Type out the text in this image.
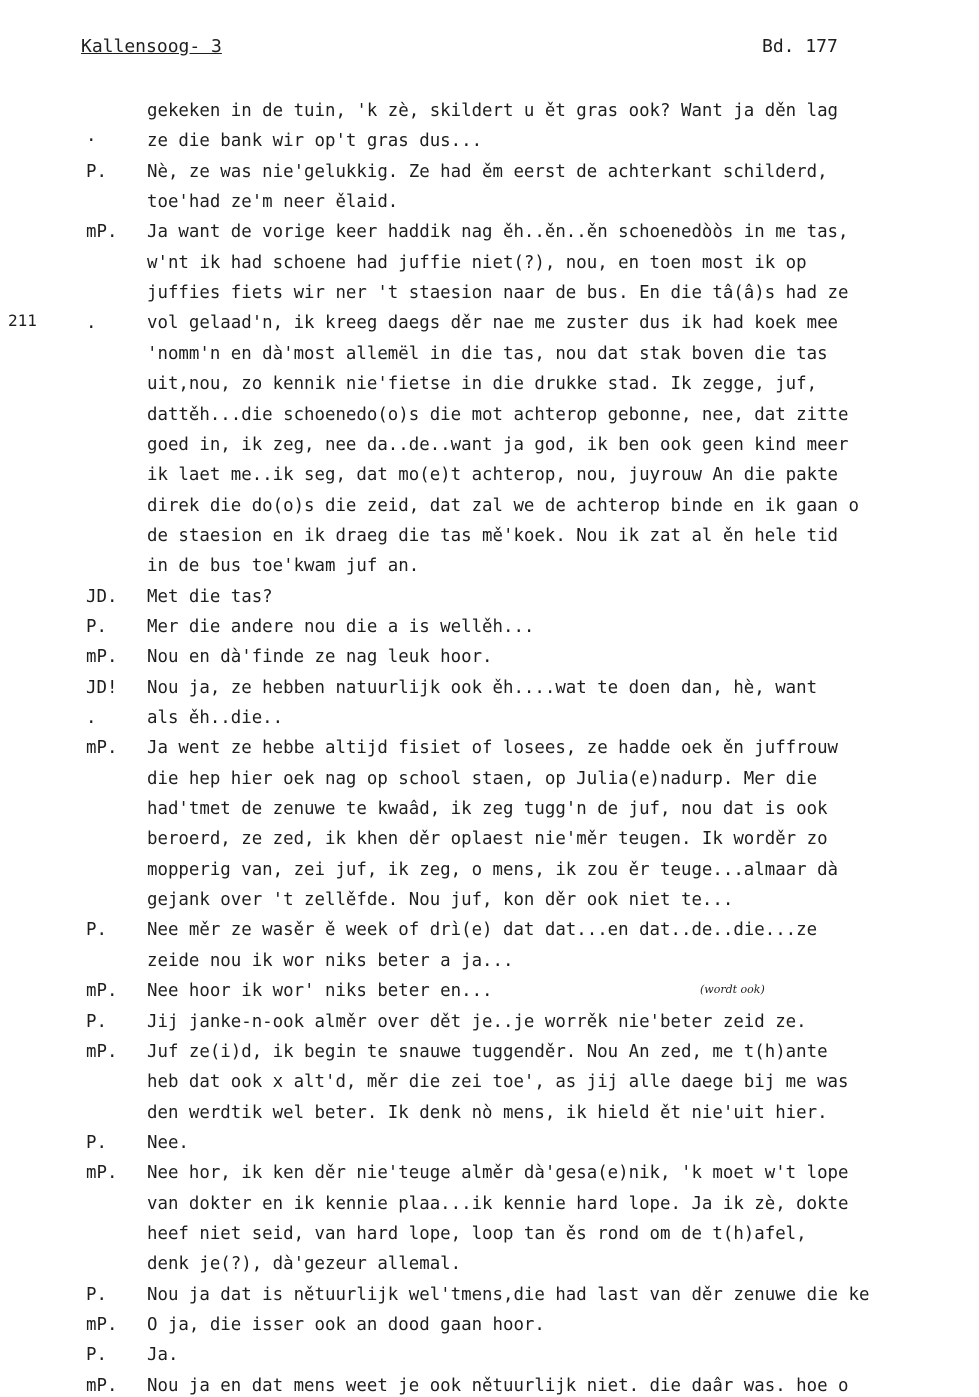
Kallensoog- 3	Bd. 177
211
gekeken in de tuin, 'k zè, skildert u ět gras ook? Want ja děn lag
·	ze die bank wir op't gras dus...
P. Nè, ze was nie'gelukkig. Ze had ěm eerst de achterkant schilderd,
toe'had ze'm neer ělaid.
mP. Ja want de vorige keer haddik nag ěh..ěn..ěn schoenedòòs in me tas,
w'nt ik had schoene had juffie niet(?), nou, en toen most ik op
juffies fiets wir ner 't staesion naar de bus. En die tâ(â)s had ze
.	vol gelaad'n, ik kreeg daegs děr nae me zuster dus ik had koek mee
'nomm'n en dà'most allemël in die tas, nou dat stak boven die tas
uit,nou, zo kennik nie'fietse in die drukke stad. Ik zegge, juf,
dattěh...die schoenedo(o)s die mot achterop gebonne, nee, dat zitte
goed in, ik zeg, nee da..de..want ja god, ik ben ook geen kind meer
ik laet me..ik seg, dat mo(e)t achterop, nou, juyrouw An die pakte
direk die do(o)s die zeid, dat zal we de achterop binde en ik gaan o
de staesion en ik draeg die tas mě'koek. Nou ik zat al ěn hele tid
in de bus toe'kwam juf an.
JD. Met die tas?
P. Mer die andere nou die a is wellěh...
mP. Nou en dà'finde ze nag leuk hoor.
JD! Nou ja, ze hebben natuurlijk ook ěh....wat te doen dan, hè, want
.	als ěh..die..
mP. Ja went ze hebbe altijd fisiet of losees, ze hadde oek ěn juffrouw
die hep hier oek nag op school staen, op Julia(e)nadurp. Mer die
had'tmet de zenuwe te kwaâd, ik zeg tugg'n de juf, nou dat is ook
beroerd, ze zed, ik khen děr oplaest nie'měr teugen. Ik worděr zo
mopperig van, zei juf, ik zeg, o mens, ik zou ěr teuge...almaar dà
gejank over 't zellěfde. Nou juf, kon děr ook niet te...
P. Nee měr ze wasěr ě week of drì(e) dat dat...en dat..de..die...ze
zeide nou ik wor niks beter a ja...
mP. Nee hoor ik wor' niks beter en...
P. Jij janke-n-ook alměr over dět je..je worrěk nie'beter zeid ze.
mP. Juf ze(i)d, ik begin te snauwe tuggenděr. Nou An zed, me t(h)ante
heb dat ook x alt'd, měr die zei toe', as jij alle daege bij me was
den werdtik wel beter. Ik denk nò mens, ik hield ět nie'uit hier.
P. Nee.
mP. Nee hor, ik ken děr nie'teuge alměr dà'gesa(e)nik, 'k moet w't lope
van dokter en ik kennie plaa...ik kennie hard lope. Ja ik zè, dokte
heef niet seid, van hard lope, loop tan ěs rond om de t(h)afel,
denk je(?), dà'gezeur allemal.
P. Nou ja dat is nětuurlijk wel'tmens,die had last van děr zenuwe die ke
mP. O ja, die isser ook an dood gaan hoor.
P. Ja.
mP. Nou ja en dat mens weet je ook nětuurlijk niet. die daâr was. hoe o
(wordt ook)
